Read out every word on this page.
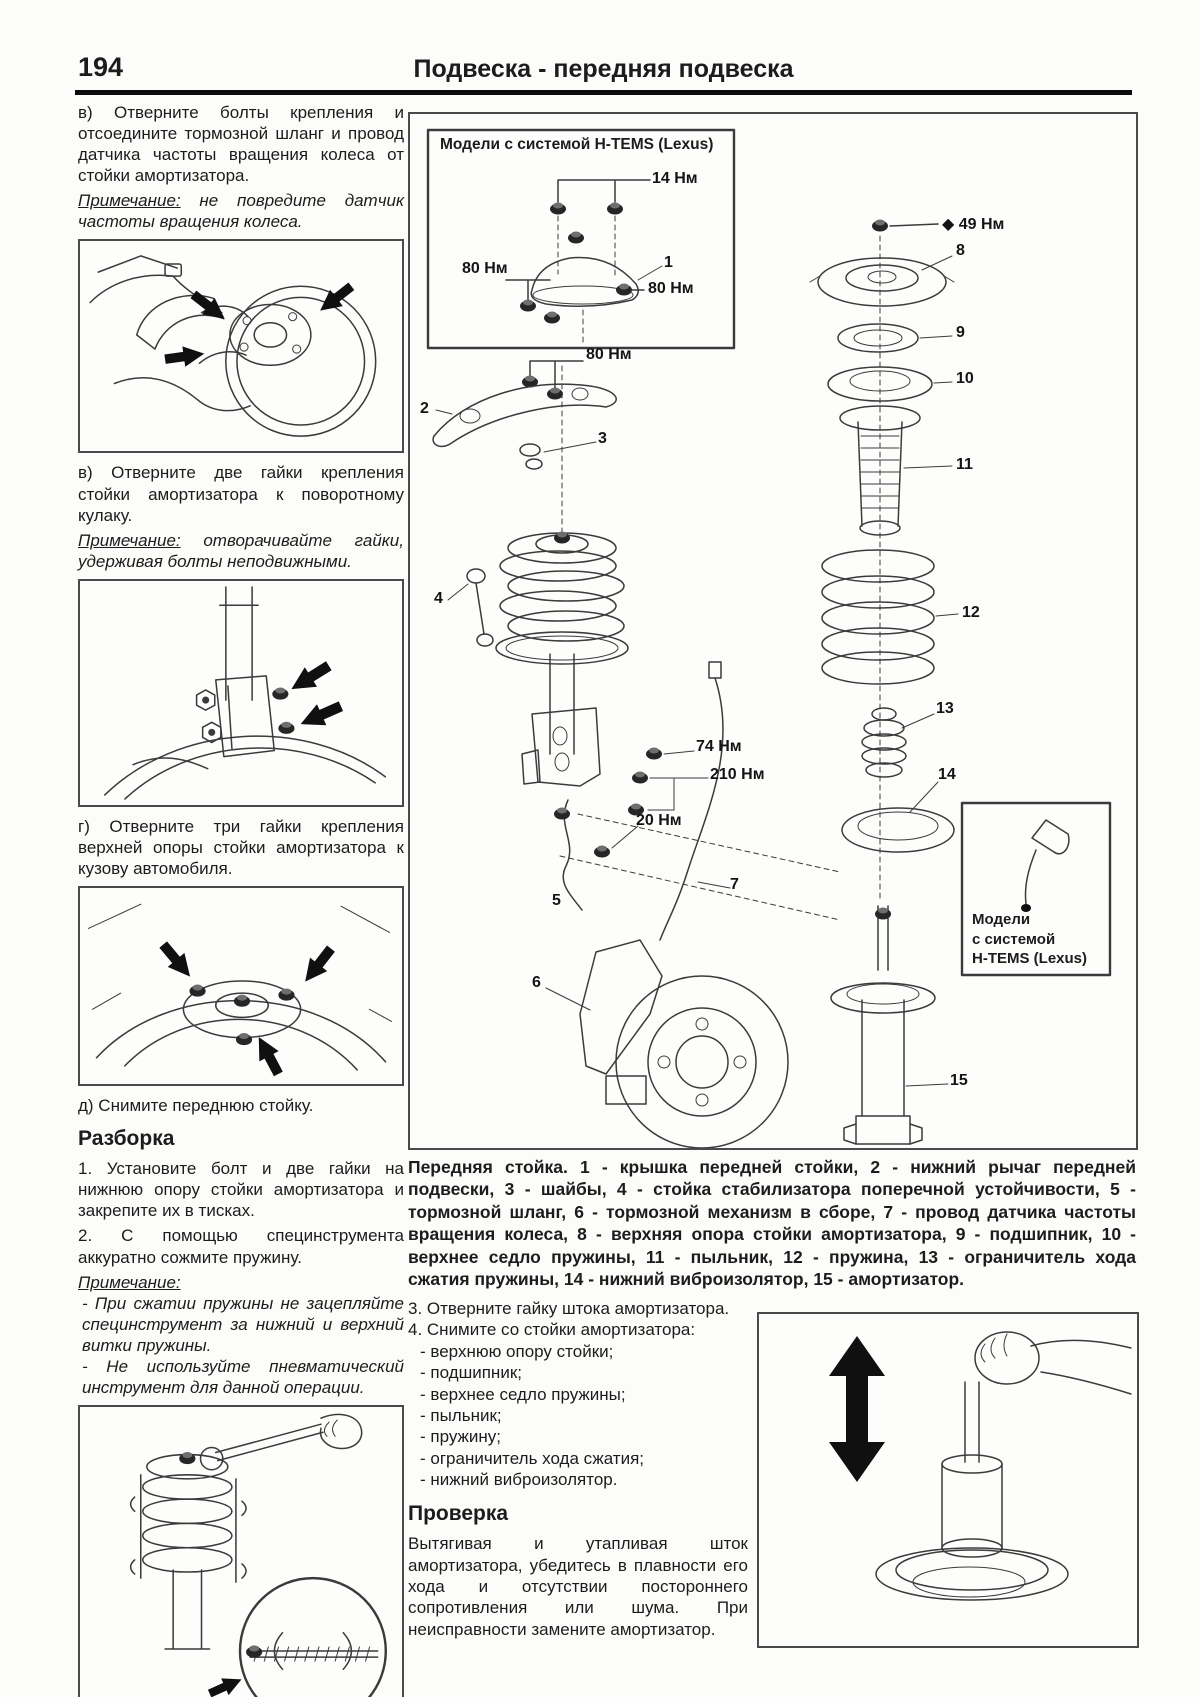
194	Подвеска - передняя подвеска

в) Отверните болты крепления и отсоедините тормозной шланг и провод датчика частоты вращения колеса от стойки амортизатора.

Примечание: не повредите датчик частоты вращения колеса.

в) Отверните две гайки крепления стойки амортизатора к поворотному кулаку.

Примечание: отворачивайте гайки, удерживая болты неподвижными.

г) Отверните три гайки крепления верхней опоры стойки амортизатора к кузову автомобиля.

д) Снимите переднюю стойку.

Разборка

1. Установите болт и две гайки на нижнюю опору стойки амортизатора и закрепите их в тисках.

2. С помощью специнструмента аккуратно сожмите пружину.

Примечание:
- При сжатии пружины не зацепляйте специнструмент за нижний и верхний витки пружины.
- Не используйте пневматический инструмент для данной операции.
Модели с системой H-TEMS (Lexus)
14 Нм
1
80 Нм
80 Нм
80 Нм
2
3
4
74 Нм
210 Нм
20 Нм
5
6
7
◆ 49 Нм
8
9
10
11
12
13
14
15
Модели
с системой
H-TEMS (Lexus)
Передняя стойка. 1 - крышка передней стойки, 2 - нижний рычаг передней подвески, 3 - шайбы, 4 - стойка стабилизатора поперечной устойчивости, 5 - тормозной шланг, 6 - тормозной механизм в сборе, 7 - провод датчика частоты вращения колеса, 8 - верхняя опора стойки амортизатора, 9 - подшипник, 10 - верхнее седло пружины, 11 - пыльник, 12 - пружина, 13 - ограничитель хода сжатия пружины, 14 - нижний виброизолятор, 15 - амортизатор.
3. Отверните гайку штока амортизатора.
4. Снимите со стойки амортизатора:
- верхнюю опору стойки;
- подшипник;
- верхнее седло пружины;
- пыльник;
- пружину;
- ограничитель хода сжатия;
- нижний виброизолятор.
Проверка
Вытягивая и утапливая шток амортизатора, убедитесь в плавности его хода и отсутствии постороннего сопротивления или шума. При неисправности замените амортизатор.
